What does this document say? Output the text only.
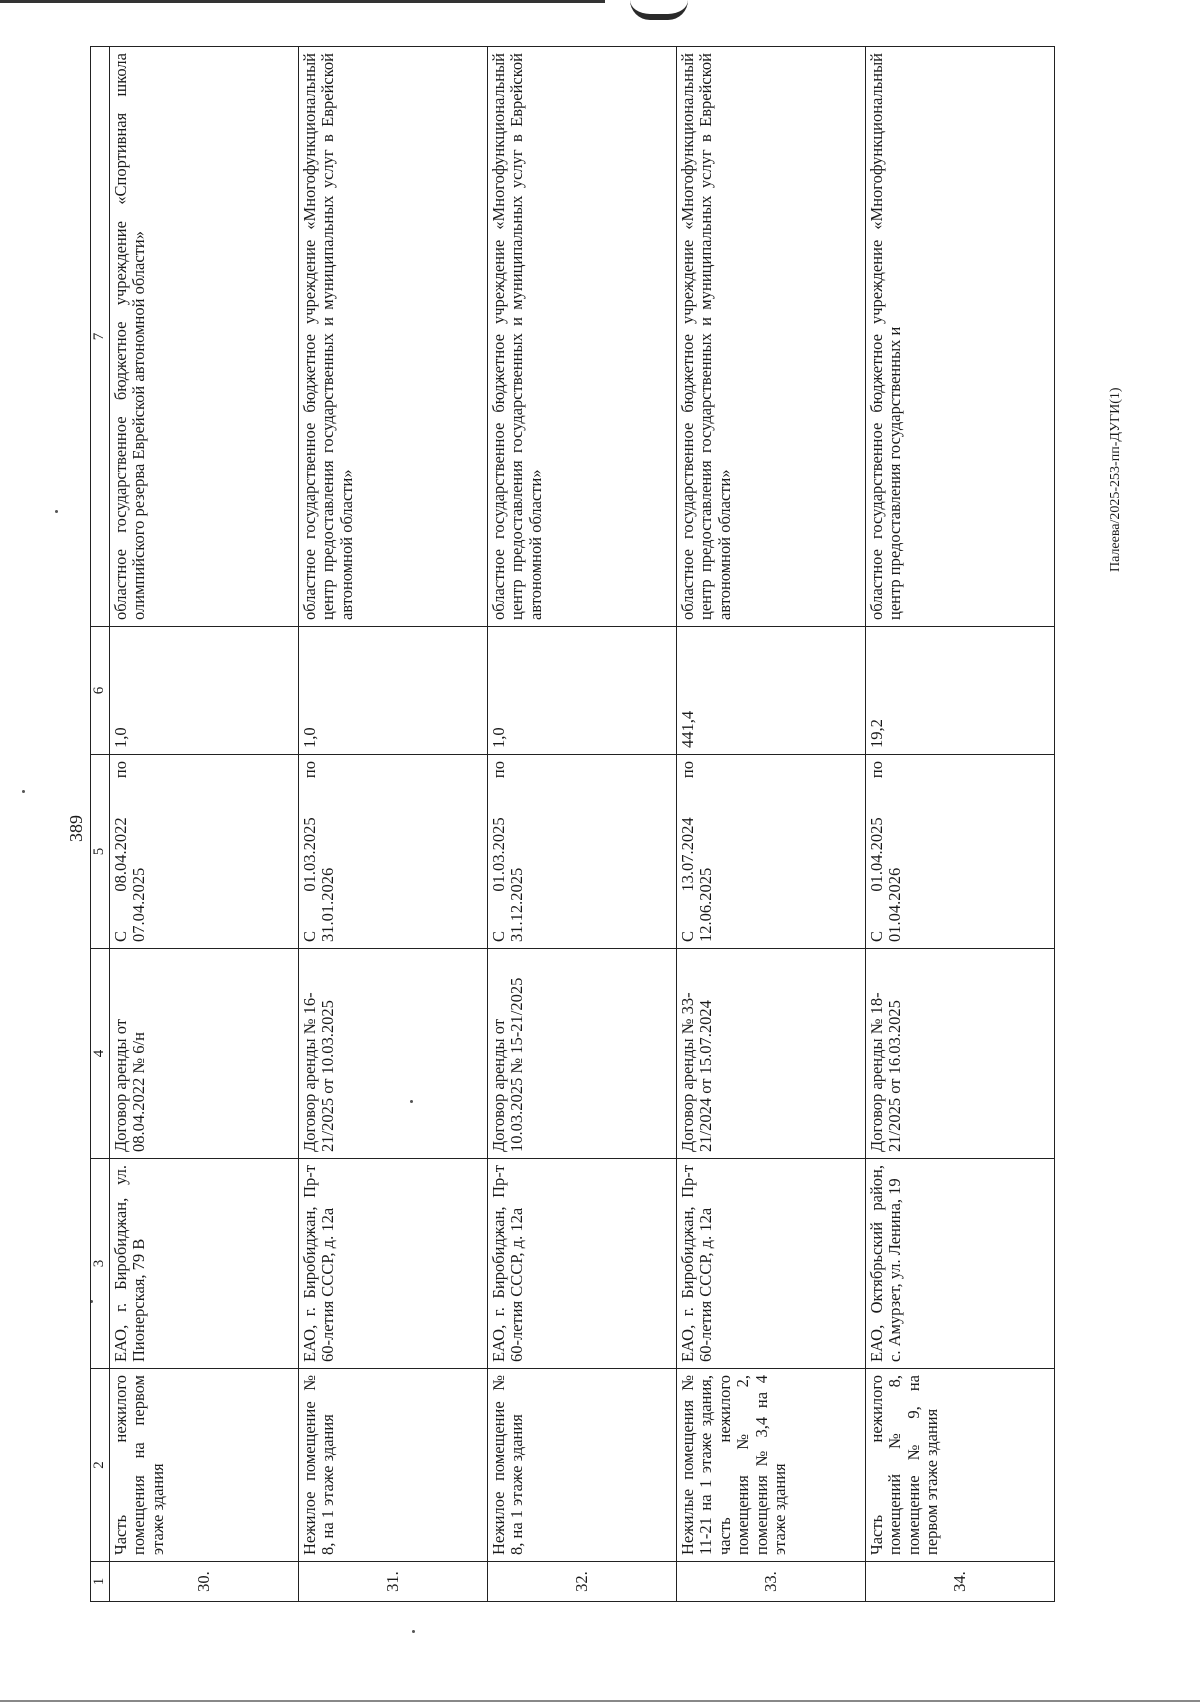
389
1	2	3	4	5	6	7
30.	Часть нежилого помещения на первом этаже здания	ЕАО, г. Биробиджан, ул. Пионерская, 79 В	Договор аренды от 08.04.2022 № 6/н	С 08.04.2022 по 07.04.2025	1,0	областное государственное бюджетное учреждение «Спортивная школа олимпийского резерва Еврейской автономной области»
31.	Нежилое помещение № 8, на 1 этаже здания	ЕАО, г. Биробиджан, Пр-т 60-летия СССР, д. 12а	Договор аренды № 16-21/2025 от 10.03.2025	С 01.03.2025 по 31.01.2026	1,0	областное государственное бюджетное учреждение «Многофункциональный центр предоставления государственных и муниципальных услуг в Еврейской автономной области»
32.	Нежилое помещение № 8, на 1 этаже здания	ЕАО, г. Биробиджан, Пр-т 60-летия СССР, д. 12а	Договор аренды от 10.03.2025 № 15-21/2025	С 01.03.2025 по 31.12.2025	1,0	областное государственное бюджетное учреждение «Многофункциональный центр предоставления государственных и муниципальных услуг в Еврейской автономной области»
33.	Нежилые помещения № 11-21 на 1 этаже здания, часть нежилого помещения № 2, помещения № 3,4 на 4 этаже здания	ЕАО, г. Биробиджан, Пр-т 60-летия СССР, д. 12а	Договор аренды № 33-21/2024 от 15.07.2024	С 13.07.2024 по 12.06.2025	441,4	областное государственное бюджетное учреждение «Многофункциональный центр предоставления государственных и муниципальных услуг в Еврейской автономной области»
34.	Часть нежилого помещений № 8, помещение № 9, на первом этаже здания	ЕАО, Октябрьский район, с. Амурзет, ул. Ленина, 19	Договор аренды № 18-21/2025 от 16.03.2025	С 01.04.2025 по 01.04.2026	19,2	областное государственное бюджетное учреждение «Многофункциональный центр предоставления государственных и	Палеева/2025-253-пп-ДУГИ(1)
